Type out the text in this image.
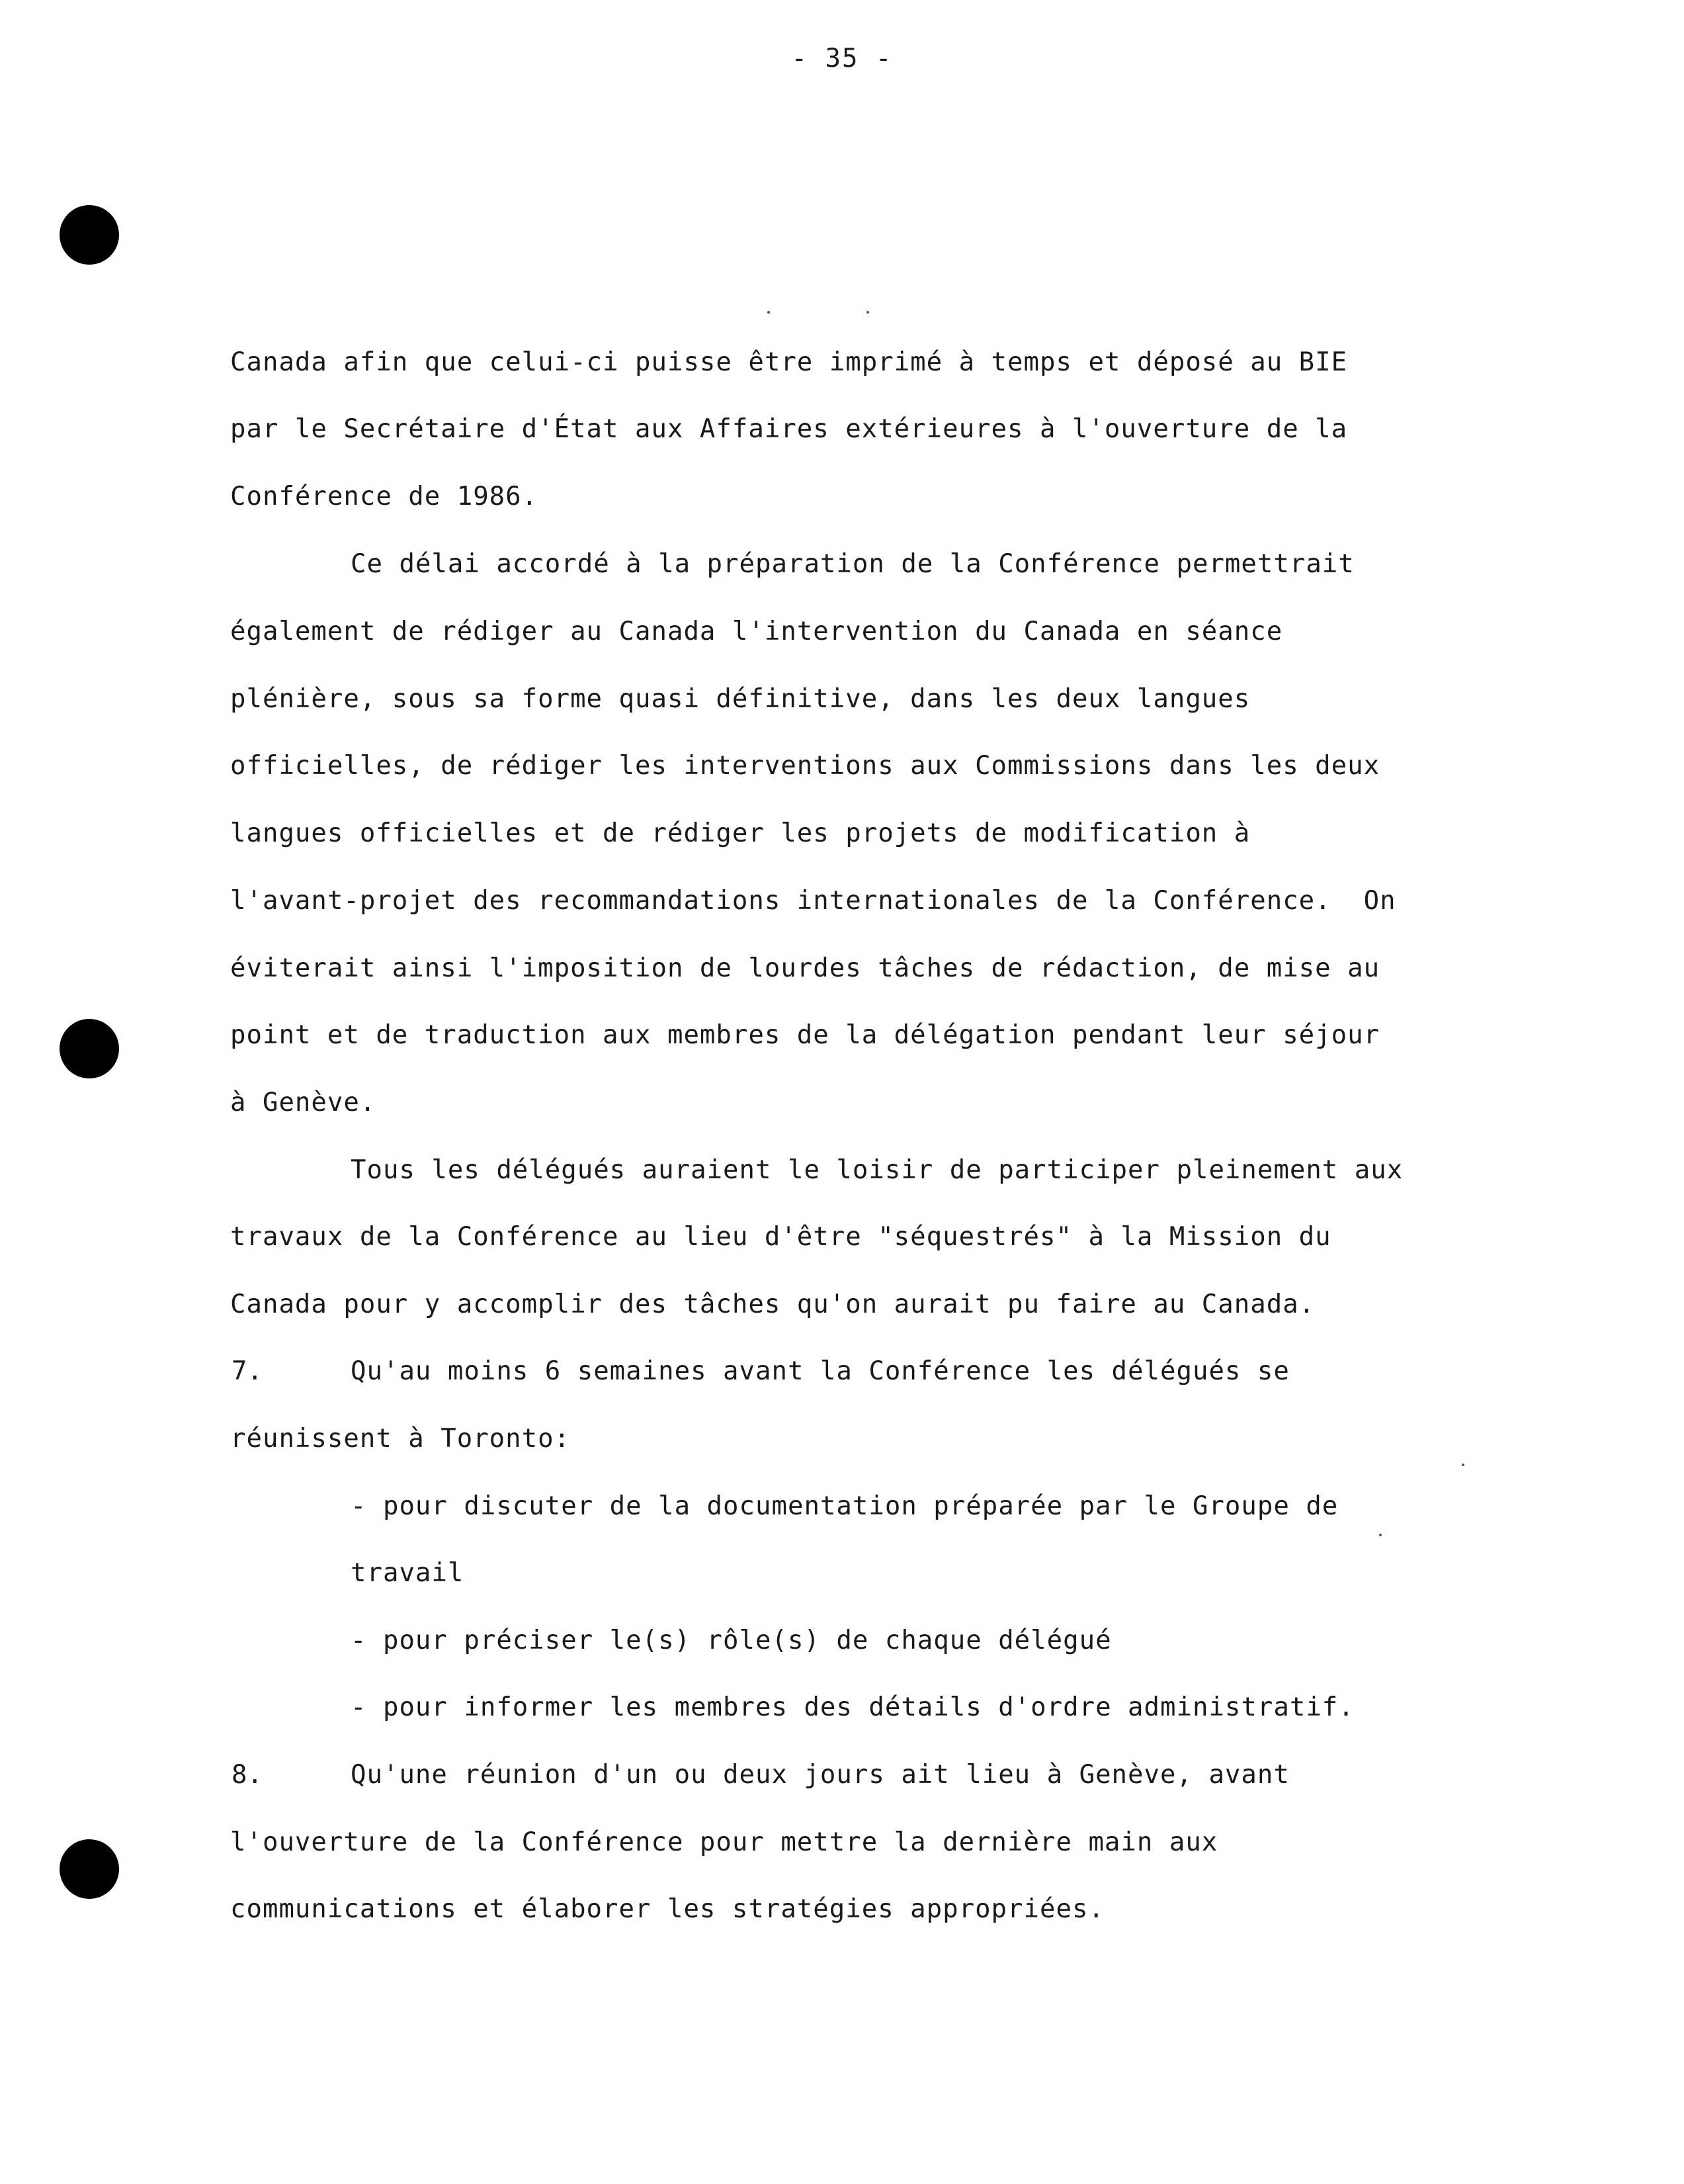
- 35 -
Canada afin que celui-ci puisse être imprimé à temps et déposé au BIE
par le Secrétaire d'État aux Affaires extérieures à l'ouverture de la
Conférence de 1986.
Ce délai accordé à la préparation de la Conférence permettrait
également de rédiger au Canada l'intervention du Canada en séance
plénière, sous sa forme quasi définitive, dans les deux langues
officielles, de rédiger les interventions aux Commissions dans les deux
langues officielles et de rédiger les projets de modification à
l'avant-projet des recommandations internationales de la Conférence.  On
éviterait ainsi l'imposition de lourdes tâches de rédaction, de mise au
point et de traduction aux membres de la délégation pendant leur séjour
à Genève.
Tous les délégués auraient le loisir de participer pleinement aux
travaux de la Conférence au lieu d'être "séquestrés" à la Mission du
Canada pour y accomplir des tâches qu'on aurait pu faire au Canada.
7.	Qu'au moins 6 semaines avant la Conférence les délégués se
réunissent à Toronto:
- pour discuter de la documentation préparée par le Groupe de
travail
- pour préciser le(s) rôle(s) de chaque délégué
- pour informer les membres des détails d'ordre administratif.
8.	Qu'une réunion d'un ou deux jours ait lieu à Genève, avant
l'ouverture de la Conférence pour mettre la dernière main aux
communications et élaborer les stratégies appropriées.
